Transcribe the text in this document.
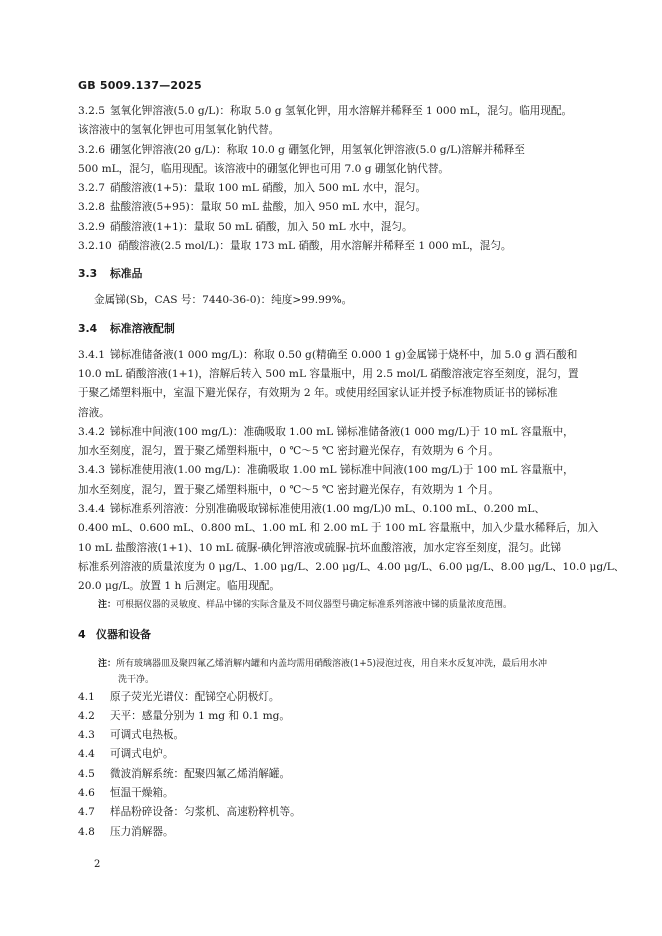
GB 5009.137—2025
3.2.5 氢氧化钾溶液(5.0 g/L)：称取 5.0 g 氢氧化钾，用水溶解并稀释至 1 000 mL，混匀。临用现配。
该溶液中的氢氧化钾也可用氢氧化钠代替。
3.2.6 硼氢化钾溶液(20 g/L)：称取 10.0 g 硼氢化钾，用氢氧化钾溶液(5.0 g/L)溶解并稀释至
500 mL，混匀，临用现配。该溶液中的硼氢化钾也可用 7.0 g 硼氢化钠代替。
3.2.7 硝酸溶液(1+5)：量取 100 mL 硝酸，加入 500 mL 水中，混匀。
3.2.8 盐酸溶液(5+95)：量取 50 mL 盐酸，加入 950 mL 水中，混匀。
3.2.9 硝酸溶液(1+1)：量取 50 mL 硝酸，加入 50 mL 水中，混匀。
3.2.10 硝酸溶液(2.5 mol/L)：量取 173 mL 硝酸，用水溶解并稀释至 1 000 mL，混匀。
3.3 标准品
金属锑(Sb，CAS 号：7440-36-0)：纯度>99.99%。
3.4 标准溶液配制
3.4.1 锑标准储备液(1 000 mg/L)：称取 0.50 g(精确至 0.000 1 g)金属锑于烧杯中，加 5.0 g 酒石酸和
10.0 mL 硝酸溶液(1+1)，溶解后转入 500 mL 容量瓶中，用 2.5 mol/L 硝酸溶液定容至刻度，混匀，置
于聚乙烯塑料瓶中，室温下避光保存，有效期为 2 年。或使用经国家认证并授予标准物质证书的锑标准
溶液。
3.4.2 锑标准中间液(100 mg/L)：准确吸取 1.00 mL 锑标准储备液(1 000 mg/L)于 10 mL 容量瓶中，
加水至刻度，混匀，置于聚乙烯塑料瓶中，0 ℃～5 ℃ 密封避光保存，有效期为 6 个月。
3.4.3 锑标准使用液(1.00 mg/L)：准确吸取 1.00 mL 锑标准中间液(100 mg/L)于 100 mL 容量瓶中，
加水至刻度，混匀，置于聚乙烯塑料瓶中，0 ℃～5 ℃ 密封避光保存，有效期为 1 个月。
3.4.4 锑标准系列溶液：分别准确吸取锑标准使用液(1.00 mg/L)0 mL、0.100 mL、0.200 mL、
0.400 mL、0.600 mL、0.800 mL、1.00 mL 和 2.00 mL 于 100 mL 容量瓶中，加入少量水稀释后，加入
10 mL 盐酸溶液(1+1)、10 mL 硫脲-碘化钾溶液或硫脲-抗坏血酸溶液，加水定容至刻度，混匀。此锑
标准系列溶液的质量浓度为 0 μg/L、1.00 μg/L、2.00 μg/L、4.00 μg/L、6.00 μg/L、8.00 μg/L、10.0 μg/L、
20.0 μg/L。放置 1 h 后测定。临用现配。
注：可根据仪器的灵敏度、样品中锑的实际含量及不同仪器型号确定标准系列溶液中锑的质量浓度范围。
4 仪器和设备
注：所有玻璃器皿及聚四氟乙烯消解内罐和内盖均需用硝酸溶液(1+5)浸泡过夜，用自来水反复冲洗，最后用水冲
洗干净。
4.1 原子荧光光谱仪：配锑空心阴极灯。
4.2 天平：感量分别为 1 mg 和 0.1 mg。
4.3 可调式电热板。
4.4 可调式电炉。
4.5 微波消解系统：配聚四氟乙烯消解罐。
4.6 恒温干燥箱。
4.7 样品粉碎设备：匀浆机、高速粉粹机等。
4.8 压力消解器。
2
